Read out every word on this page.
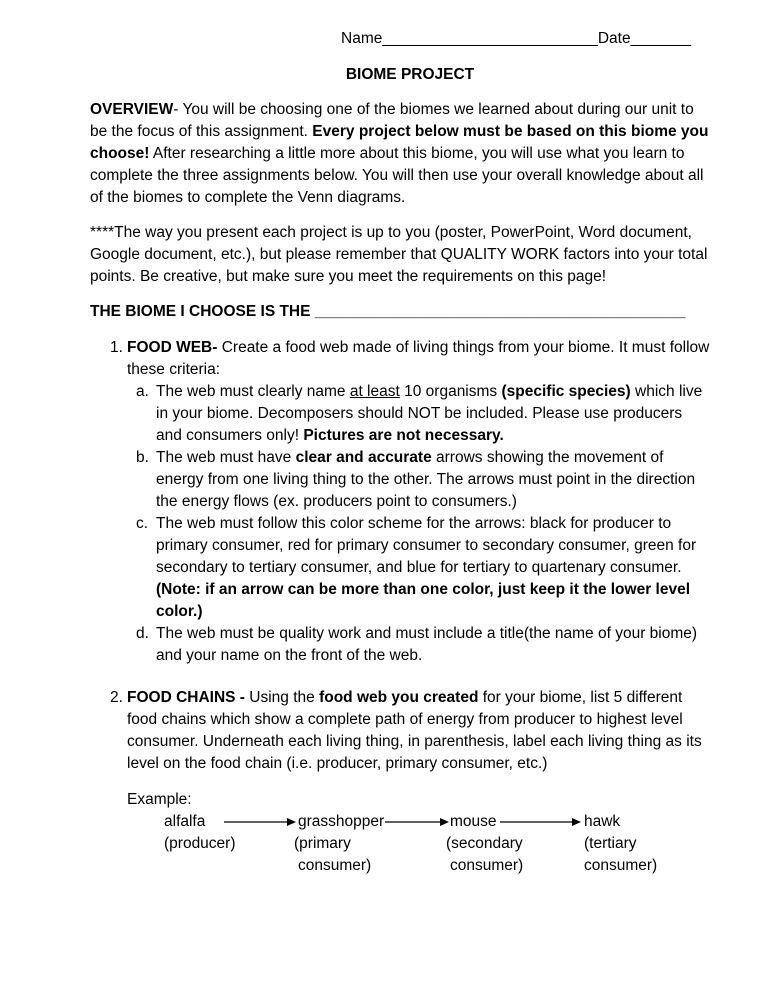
Name_________________________Date_______
BIOME PROJECT
OVERVIEW- You will be choosing one of the biomes we learned about during our unit to be the focus of this assignment. Every project below must be based on this biome you choose! After researching a little more about this biome, you will use what you learn to complete the three assignments below. You will then use your overall knowledge about all of the biomes to complete the Venn diagrams.
****The way you present each project is up to you (poster, PowerPoint, Word document, Google document, etc.), but please remember that QUALITY WORK factors into your total points. Be creative, but make sure you meet the requirements on this page!
THE BIOME I CHOOSE IS THE ___________________________________________
1. FOOD WEB- Create a food web made of living things from your biome. It must follow these criteria:
a. The web must clearly name at least 10 organisms (specific species) which live in your biome. Decomposers should NOT be included. Please use producers and consumers only! Pictures are not necessary.
b. The web must have clear and accurate arrows showing the movement of energy from one living thing to the other. The arrows must point in the direction the energy flows (ex. producers point to consumers.)
c. The web must follow this color scheme for the arrows: black for producer to primary consumer, red for primary consumer to secondary consumer, green for secondary to tertiary consumer, and blue for tertiary to quartenary consumer. (Note: if an arrow can be more than one color, just keep it the lower level color.)
d. The web must be quality work and must include a title(the name of your biome) and your name on the front of the web.
2. FOOD CHAINS - Using the food web you created for your biome, list 5 different food chains which show a complete path of energy from producer to highest level consumer. Underneath each living thing, in parenthesis, label each living thing as its level on the food chain (i.e. producer, primary consumer, etc.)
Example:
alfalfa
(producer)
grasshopper
(primary
consumer)
mouse
(secondary
consumer)
hawk
(tertiary
consumer)
